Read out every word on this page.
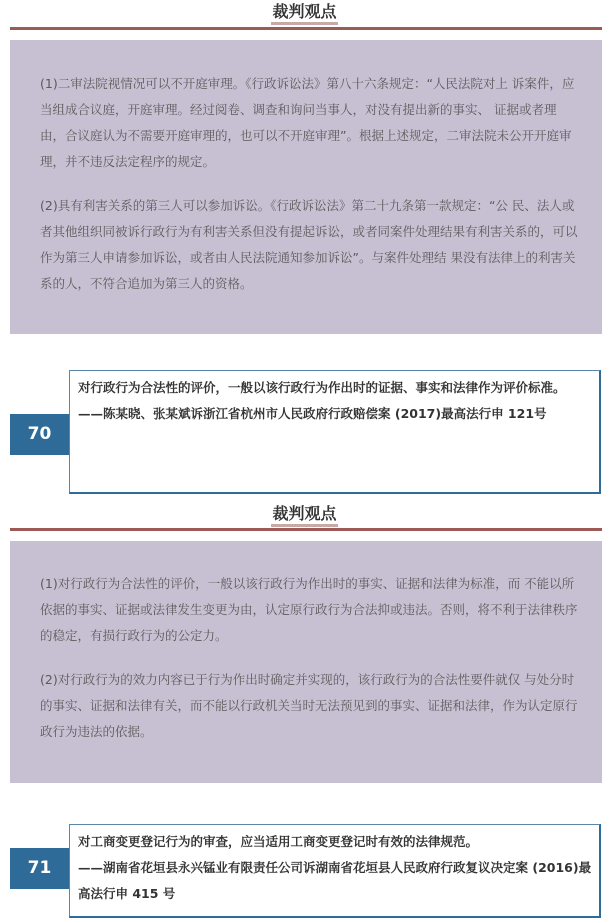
裁判观点

(1)二审法院视情况可以不开庭审理。《行政诉讼法》第八十六条规定：“人民法院对上 诉案件，应当组成合议庭，开庭审理。经过阅卷、调查和询问当事人，对没有提出新的事实、 证据或者理由，合议庭认为不需要开庭审理的，也可以不开庭审理”。根据上述规定，二审法院未公开开庭审理，并不违反法定程序的规定。

(2)具有利害关系的第三人可以参加诉讼。《行政诉讼法》第二十九条第一款规定：“公 民、法人或者其他组织同被诉行政行为有利害关系但没有提起诉讼，或者同案件处理结果有利害关系的，可以作为第三人申请参加诉讼，或者由人民法院通知参加诉讼”。与案件处理结 果没有法律上的利害关系的人，不符合追加为第三人的资格。

对行政行为合法性的评价，一般以该行政行为作出时的证据、事实和法律作为评价标准。

——陈某晓、张某斌诉浙江省杭州市人民政府行政赔偿案 (2017)最高法行申 121号

70
裁判观点

(1)对行政行为合法性的评价，一般以该行政行为作出时的事实、证据和法律为标准，而 不能以所依据的事实、证据或法律发生变更为由，认定原行政行为合法抑或违法。否则，将不利于法律秩序的稳定，有损行政行为的公定力。

(2)对行政行为的效力内容已于行为作出时确定并实现的，该行政行为的合法性要件就仅 与处分时的事实、证据和法律有关，而不能以行政机关当时无法预见到的事实、证据和法律，作为认定原行政行为违法的依据。

对工商变更登记行为的审查，应当适用工商变更登记时有效的法律规范。

——湖南省花垣县永兴锰业有限责任公司诉湖南省花垣县人民政府行政复议决定案 (2016)最高法行申 415 号

71
